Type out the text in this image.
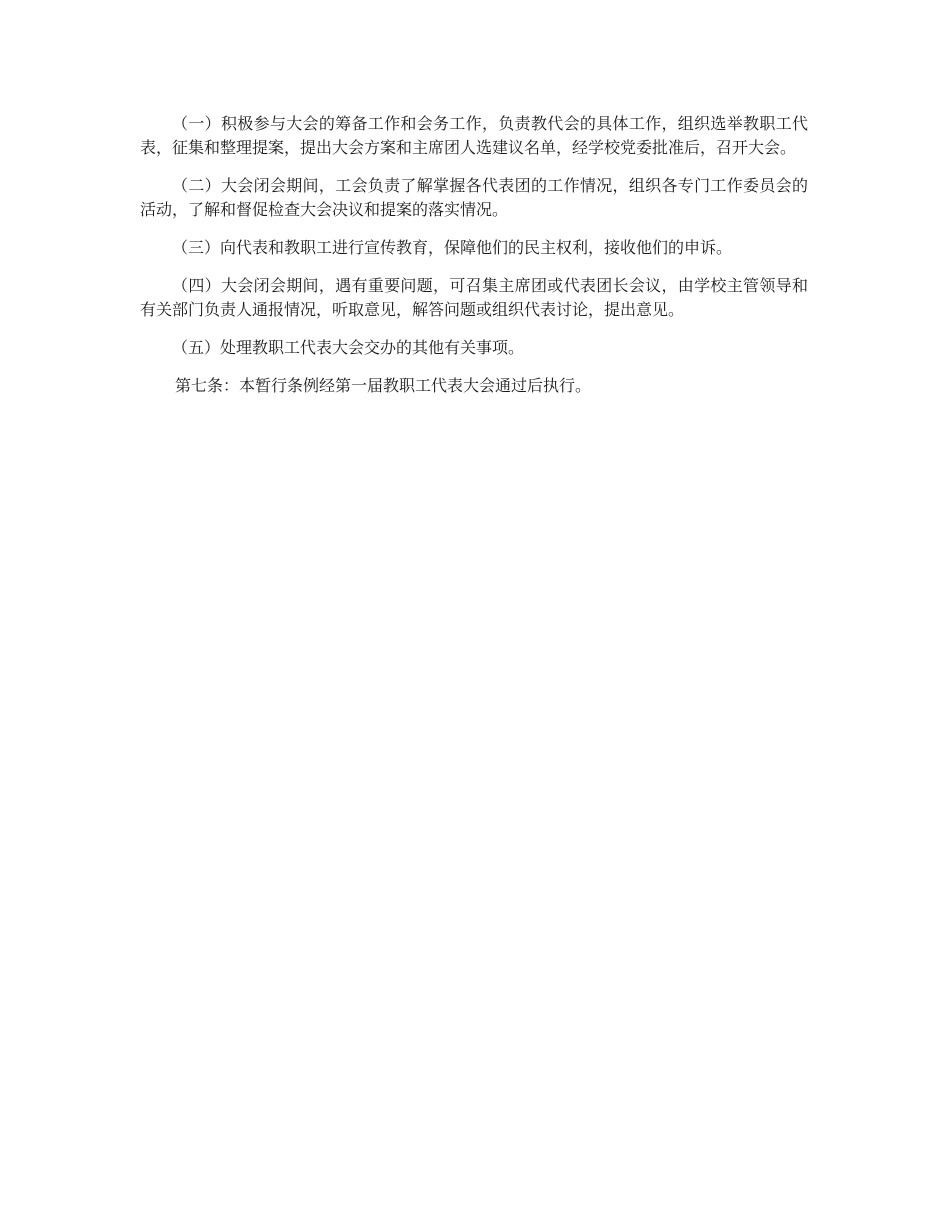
（一）积极参与大会的筹备工作和会务工作，负责教代会的具体工作，组织选举教职工代表，征集和整理提案，提出大会方案和主席团人选建议名单，经学校党委批准后，召开大会。

（二）大会闭会期间，工会负责了解掌握各代表团的工作情况，组织各专门工作委员会的活动，了解和督促检查大会决议和提案的落实情况。

（三）向代表和教职工进行宣传教育，保障他们的民主权利，接收他们的申诉。

（四）大会闭会期间，遇有重要问题，可召集主席团或代表团长会议，由学校主管领导和有关部门负责人通报情况，听取意见，解答问题或组织代表讨论，提出意见。

（五）处理教职工代表大会交办的其他有关事项。

第七条：本暂行条例经第一届教职工代表大会通过后执行。
